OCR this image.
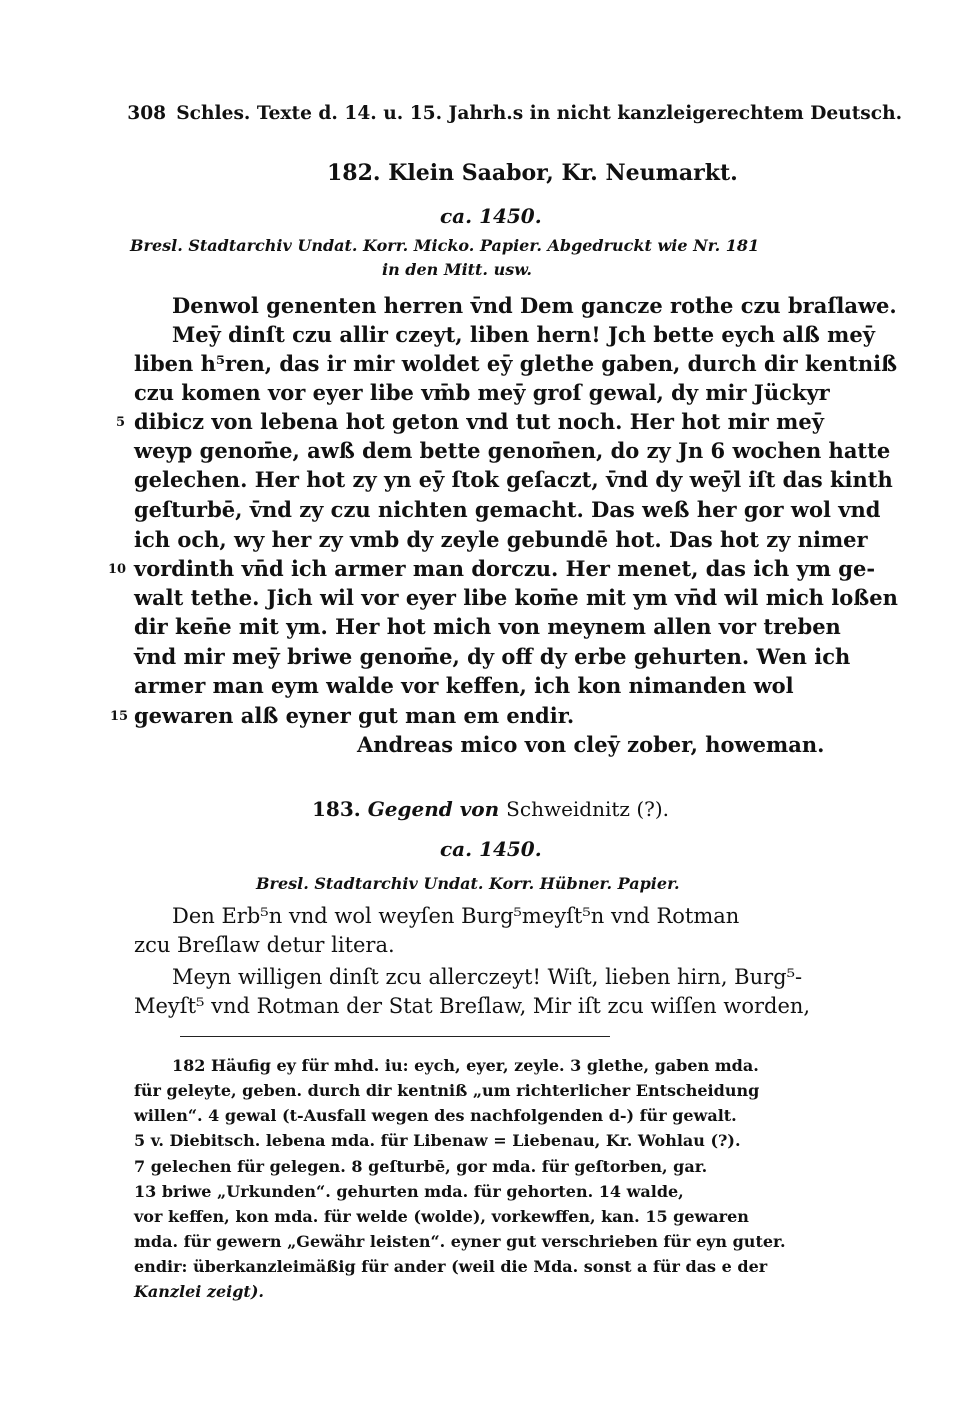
308 Schles. Texte d. 14. u. 15. Jahrh.s in nicht kanzleigerechtem Deutsch.
182. Klein Saabor, Kr. Neumarkt.
ca. 1450.
Bresl. Stadtarchiv Undat. Korr. Micko. Papier. Abgedruckt wie Nr. 181
in den Mitt. usw.
Denwol genenten herren v̄nd Dem gancze rothe czu braſlawe.
Meȳ dinſt czu allir czeyt, liben hern! Jch bette eych alß meȳ
liben h⁵ren, das ir mir woldet eȳ glethe gaben, durch dir kentniß
czu komen vor eyer libe vm̄b meȳ groſ gewal, dy mir Jückyr
5 dibicz von lebena hot geton vnd tut noch. Her hot mir meȳ
weyp genom̄e, awß dem bette genom̄en, do zy Jn 6 wochen hatte
gelechen. Her hot zy yn eȳ ſtok geſaczt, v̄nd dy weȳl iſt das kinth
geſturbē, v̄nd zy czu nichten gemacht. Das weß her gor wol vnd
ich och, wy her zy vmb dy zeyle gebundē hot. Das hot zy nimer
10 vordinth vn̄d ich armer man dorczu. Her menet, das ich ym ge-
walt tethe. Jich wil vor eyer libe kom̄e mit ym vn̄d wil mich loßen
dir ken̄e mit ym. Her hot mich von meynem allen vor treben
v̄nd mir meȳ briwe genom̄e, dy off dy erbe gehurten. Wen ich
armer man eym walde vor keffen, ich kon nimanden wol
15 gewaren alß eyner gut man em endir.
Andreas mico von cleȳ zober, howeman.
183. Gegend von Schweidnitz (?).
ca. 1450.
Bresl. Stadtarchiv Undat. Korr. Hübner. Papier.
Den Erb⁵n vnd wol weyſen Burg⁵meyſt⁵n vnd Rotman
zcu Breſlaw detur litera.
Meyn willigen dinſt zcu allerczeyt! Wiſt, lieben hirn, Burg⁵-
Meyſt⁵ vnd Rotman der Stat Breſlaw, Mir iſt zcu wiſſen worden,
182 Häufig ey für mhd. iu: eych, eyer, zeyle. 3 glethe, gaben mda.
für geleyte, geben. durch dir kentniß „um richterlicher Entscheidung
willen“. 4 gewal (t-Ausfall wegen des nachfolgenden d-) für gewalt.
5 v. Diebitsch. lebena mda. für Libenaw = Liebenau, Kr. Wohlau (?).
7 gelechen für gelegen. 8 geſturbē, gor mda. für geſtorben, gar.
13 briwe „Urkunden“. gehurten mda. für gehorten. 14 walde,
vor keffen, kon mda. für welde (wolde), vorkewffen, kan. 15 gewaren
mda. für gewern „Gewähr leisten“. eyner gut verschrieben für eyn guter.
endir: überkanzleimäßig für ander (weil die Mda. sonst a für das e der
Kanzlei zeigt).
